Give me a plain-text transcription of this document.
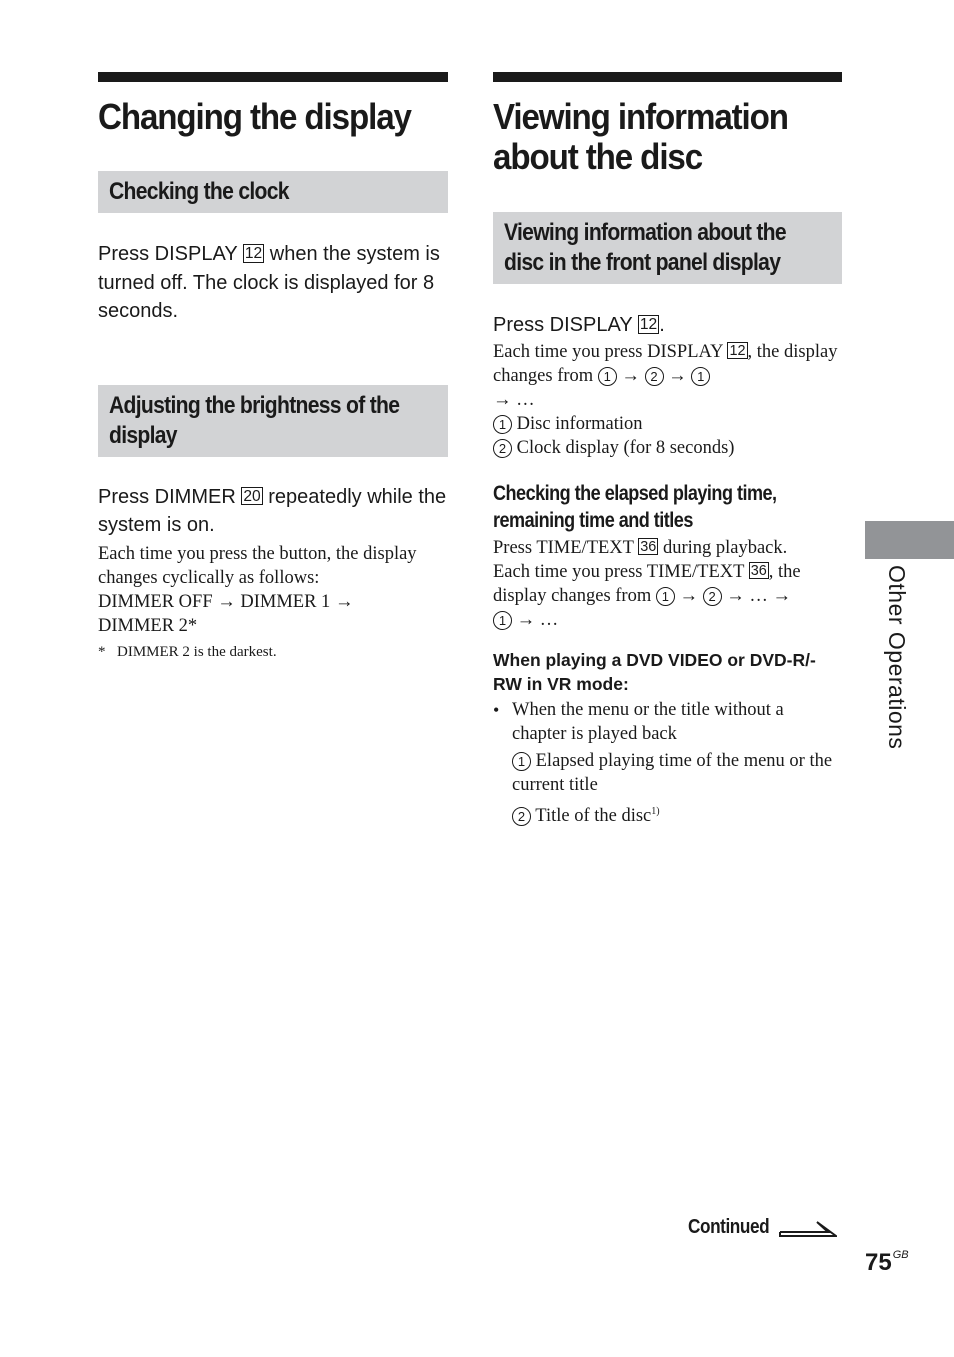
Changing the display
Checking the clock

Press DISPLAY 12 when the system is turned off. The clock is displayed for 8 seconds.

Adjusting the brightness of the
display

Press DIMMER 20 repeatedly while the system is on.

Each time you press the button, the display changes cyclically as follows:
DIMMER OFF → DIMMER 1 →
DIMMER 2*

* DIMMER 2 is the darkest.

Viewing information
about the disc
Viewing information about the
disc in the front panel display

Press DISPLAY 12 .

Each time you press DISPLAY 12 , the display changes from 1 → 2 → 1
→ …

1 Disc information

2 Clock display (for 8 seconds)

Checking the elapsed playing time,
remaining time and titles

Press TIME/TEXT 36 during playback.
Each time you press TIME/TEXT 36 , the display changes from 1 → 2 → … →
1 → …

When playing a DVD VIDEO or DVD-R/-RW in VR mode:

• When the menu or the title without a chapter is played back

1 Elapsed playing time of the menu or the current title

2 Title of the disc$^{1)}$

Other Operations
Continued
$75^{GB}$
